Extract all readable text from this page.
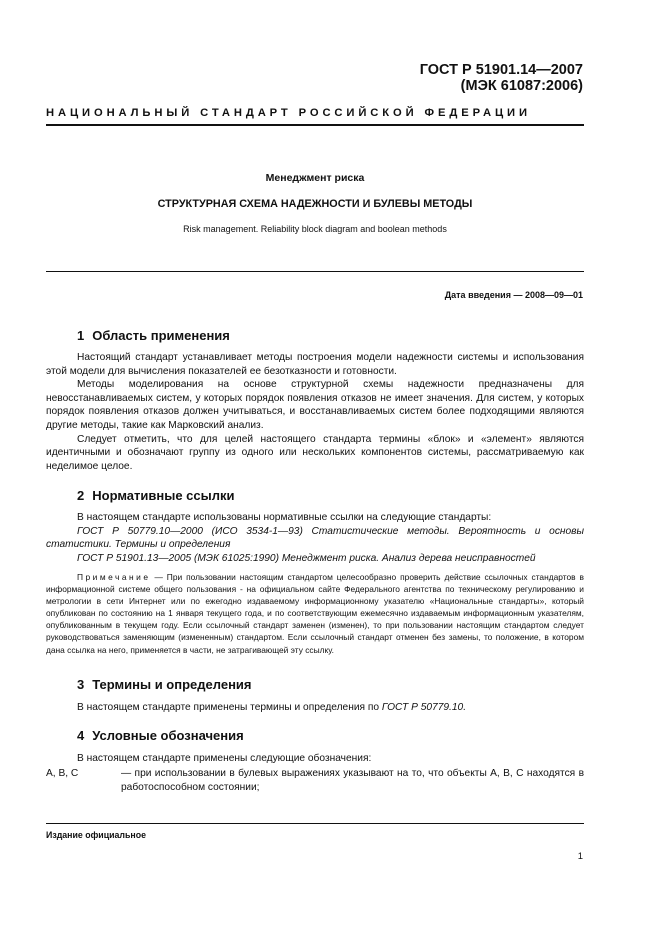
ГОСТ Р 51901.14—2007
(МЭК 61087:2006)
НАЦИОНАЛЬНЫЙ СТАНДАРТ РОССИЙСКОЙ ФЕДЕРАЦИИ
Менеджмент риска
СТРУКТУРНАЯ СХЕМА НАДЕЖНОСТИ И БУЛЕВЫ МЕТОДЫ
Risk management. Reliability block diagram and boolean methods
Дата введения — 2008—09—01
1 Область применения
Настоящий стандарт устанавливает методы построения модели надежности системы и использования этой модели для вычисления показателей ее безотказности и готовности.
Методы моделирования на основе структурной схемы надежности предназначены для невосстанавливаемых систем, у которых порядок появления отказов не имеет значения. Для систем, у которых порядок появления отказов должен учитываться, и восстанавливаемых систем более подходящими являются другие методы, такие как Марковский анализ.
Следует отметить, что для целей настоящего стандарта термины «блок» и «элемент» являются идентичными и обозначают группу из одного или нескольких компонентов системы, рассматриваемую как неделимое целое.
2 Нормативные ссылки
В настоящем стандарте использованы нормативные ссылки на следующие стандарты:
ГОСТ Р 50779.10—2000 (ИСО 3534-1—93) Статистические методы. Вероятность и основы статистики. Термины и определения
ГОСТ Р 51901.13—2005 (МЭК 61025:1990) Менеджмент риска. Анализ дерева неисправностей
Примечание — При пользовании настоящим стандартом целесообразно проверить действие ссылочных стандартов в информационной системе общего пользования - на официальном сайте Федерального агентства по техническому регулированию и метрологии в сети Интернет или по ежегодно издаваемому информационному указателю «Национальные стандарты», который опубликован по состоянию на 1 января текущего года, и по соответствующим ежемесячно издаваемым информационным указателям, опубликованным в текущем году. Если ссылочный стандарт заменен (изменен), то при пользовании настоящим стандартом следует руководствоваться заменяющим (измененным) стандартом. Если ссылочный стандарт отменен без замены, то положение, в котором дана ссылка на него, применяется в части, не затрагивающей эту ссылку.
3 Термины и определения
В настоящем стандарте применены термины и определения по ГОСТ Р 50779.10.
4 Условные обозначения
В настоящем стандарте применены следующие обозначения:
A, B, C	— при использовании в булевых выражениях указывают на то, что объекты A, B, C находятся в работоспособном состоянии;
Издание официальное
1
